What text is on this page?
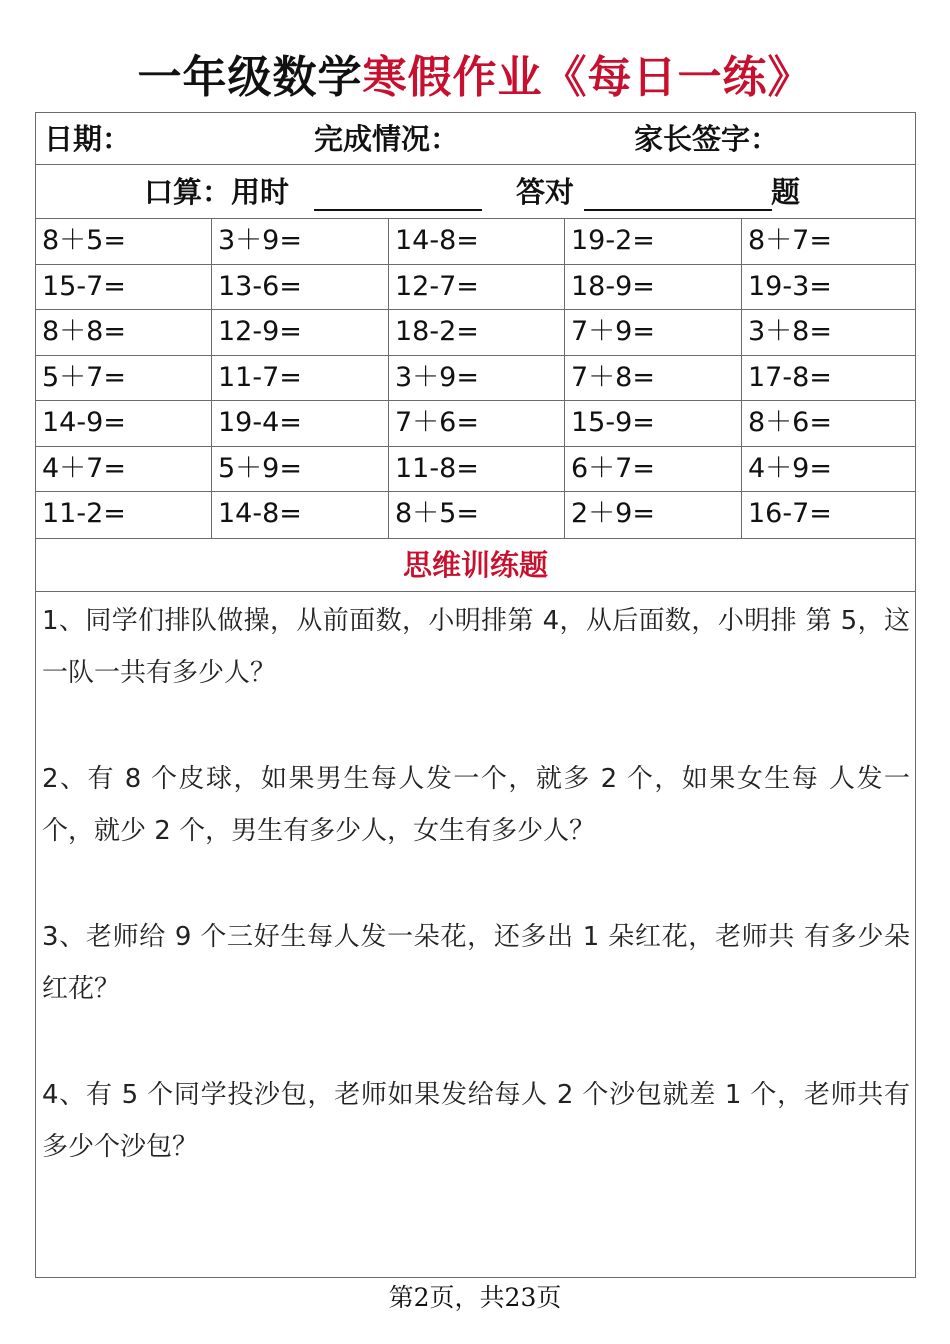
一年级数学寒假作业《每日一练》
日期：	完成情况：	家长签字：
口算：用时	答对	题
8＋5=	3＋9=	14-8=	19-2=	8＋7=
15-7=	13-6=	12-7=	18-9=	19-3=
8＋8=	12-9=	18-2=	7＋9=	3＋8=
5＋7=	11-7=	3＋9=	7＋8=	17-8=
14-9=	19-4=	7＋6=	15-9=	8＋6=
4＋7=	5＋9=	11-8=	6＋7=	4＋9=
11-2=	14-8=	8＋5=	2＋9=	16-7=
思维训练题
1、同学们排队做操，从前面数，小明排第 4，从后面数，小明排 第 5，这一队一共有多少人？
2、有 8 个皮球，如果男生每人发一个，就多 2 个，如果女生每 人发一个，就少 2 个，男生有多少人，女生有多少人？
3、老师给 9 个三好生每人发一朵花，还多出 1 朵红花，老师共 有多少朵红花？
4、有 5 个同学投沙包，老师如果发给每人 2 个沙包就差 1 个，老师共有多少个沙包？
第2页，共23页
